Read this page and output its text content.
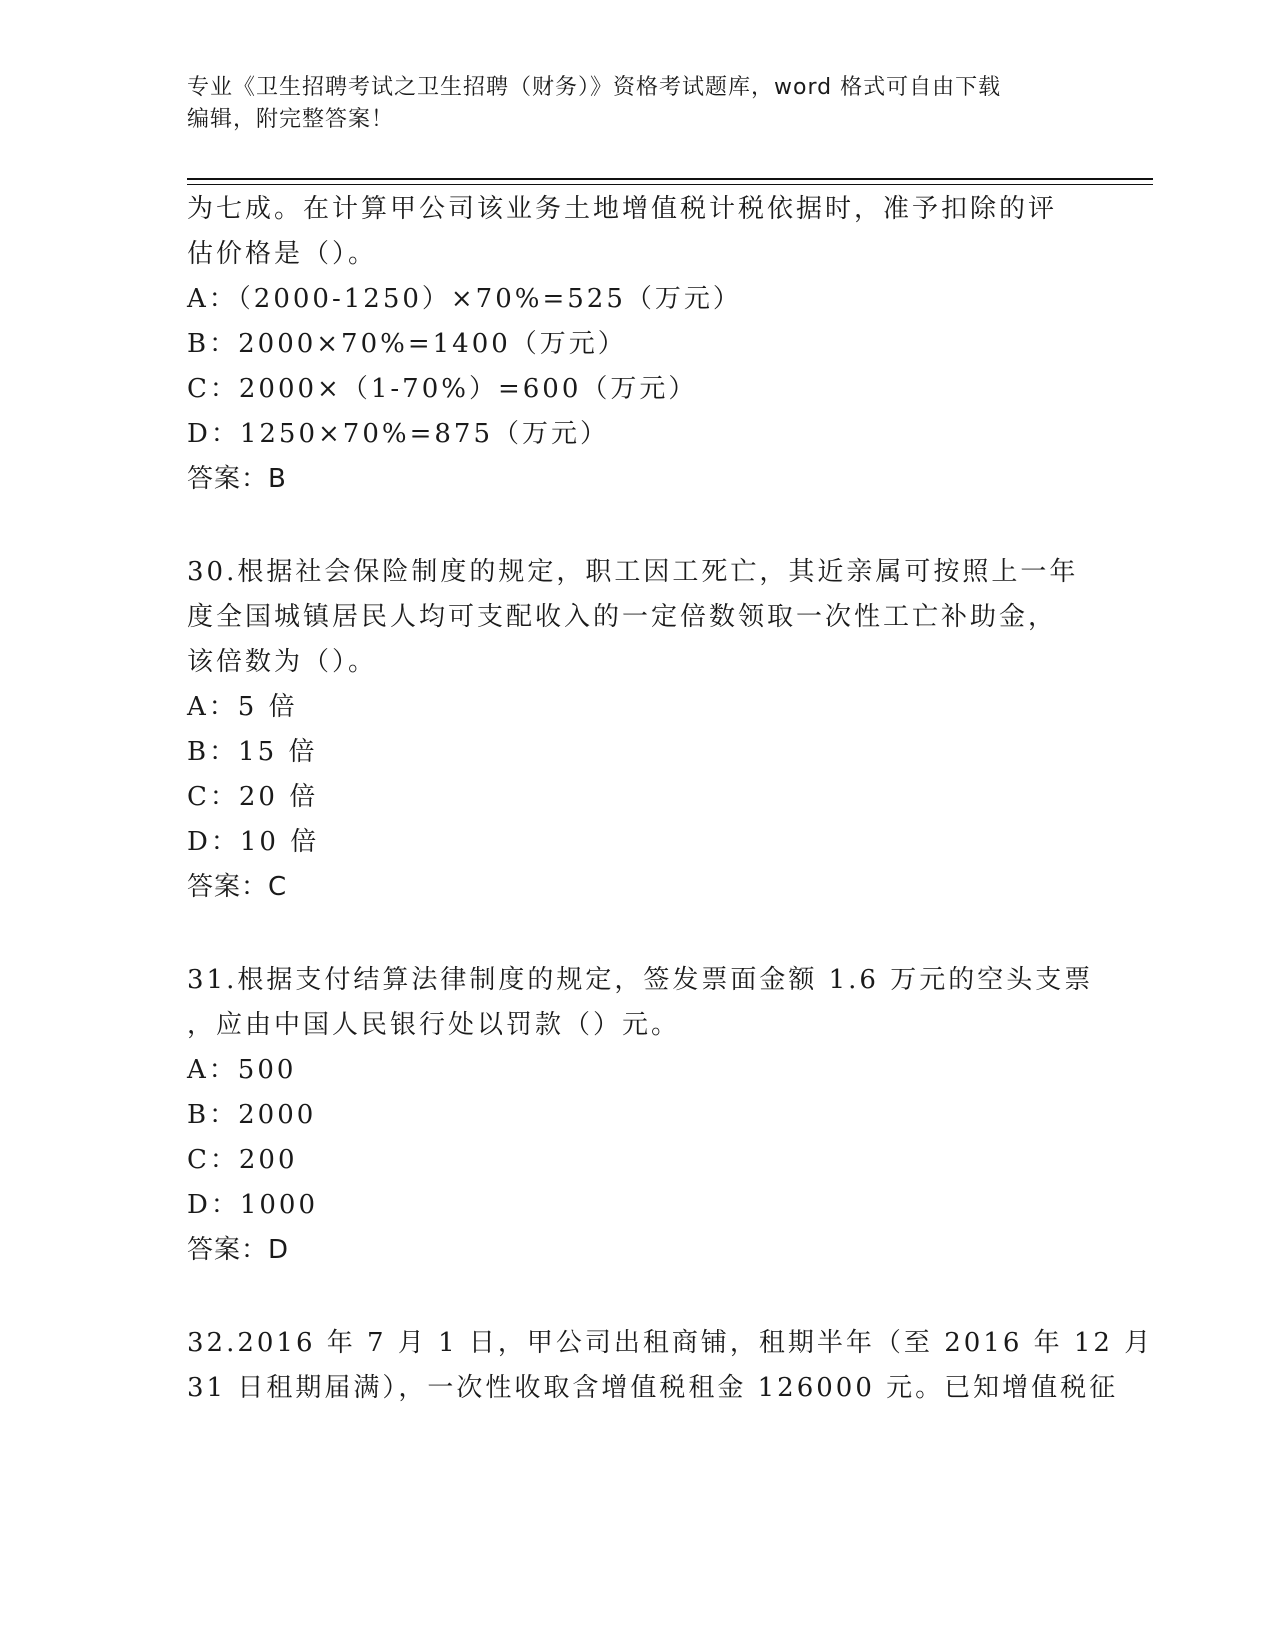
专业《卫生招聘考试之卫生招聘（财务）》资格考试题库，word 格式可自由下载
编辑，附完整答案！
为七成。在计算甲公司该业务土地增值税计税依据时，准予扣除的评
估价格是（）。
A：（2000-1250）×70%=525（万元）
B：2000×70%=1400（万元）
C：2000×（1-70%）=600（万元）
D：1250×70%=875（万元）
答案：B
30.根据社会保险制度的规定，职工因工死亡，其近亲属可按照上一年
度全国城镇居民人均可支配收入的一定倍数领取一次性工亡补助金，
该倍数为（）。
A：5 倍
B：15 倍
C：20 倍
D：10 倍
答案：C
31.根据支付结算法律制度的规定，签发票面金额 1.6 万元的空头支票
，应由中国人民银行处以罚款（）元。
A：500
B：2000
C：200
D：1000
答案：D
32.2016 年 7 月 1 日，甲公司出租商铺，租期半年（至 2016 年 12 月
31 日租期届满），一次性收取含增值税租金 126000 元。已知增值税征
